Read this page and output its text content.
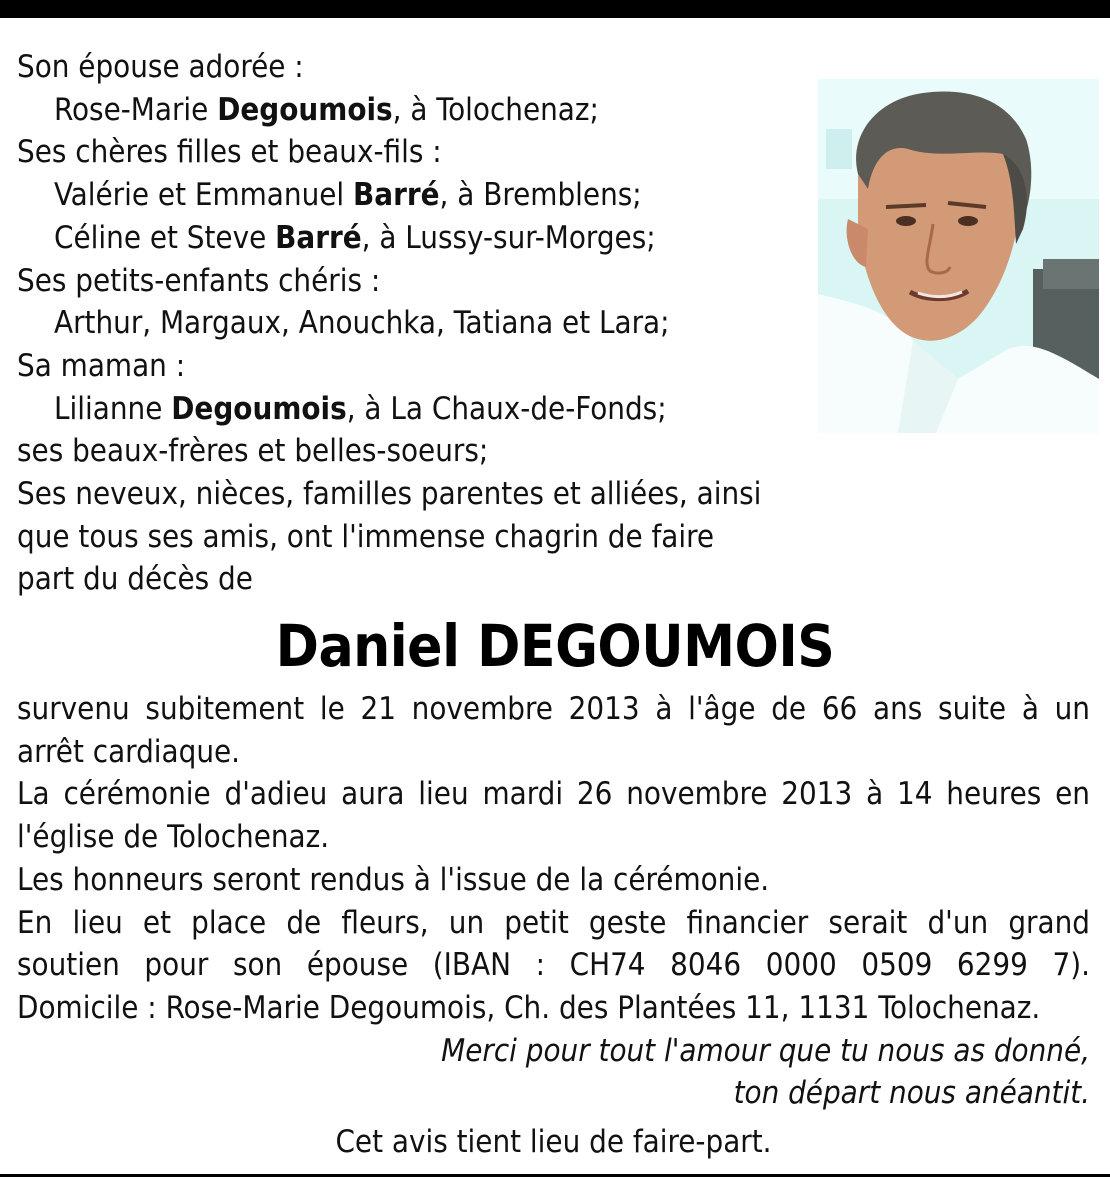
Son épouse adorée :
Rose-Marie Degoumois, à Tolochenaz;
Ses chères filles et beaux-fils :
Valérie et Emmanuel Barré, à Bremblens;
Céline et Steve Barré, à Lussy-sur-Morges;
Ses petits-enfants chéris :
Arthur, Margaux, Anouchka, Tatiana et Lara;
Sa maman :
Lilianne Degoumois, à La Chaux-de-Fonds;
ses beaux-frères et belles-soeurs;
Ses neveux, nièces, familles parentes et alliées, ainsi
que tous ses amis, ont l'immense chagrin de faire
part du décès de
Daniel DEGOUMOIS
survenu subitement le 21 novembre 2013 à l'âge de 66 ans suite à un
arrêt cardiaque.
La cérémonie d'adieu aura lieu mardi 26 novembre 2013 à 14 heures en
l'église de Tolochenaz.
Les honneurs seront rendus à l'issue de la cérémonie.
En lieu et place de fleurs, un petit geste financier serait d'un grand
soutien pour son épouse (IBAN : CH74 8046 0000 0509 6299 7).
Domicile : Rose-Marie Degoumois, Ch. des Plantées 11, 1131 Tolochenaz.
Merci pour tout l'amour que tu nous as donné,
ton départ nous anéantit.
Cet avis tient lieu de faire-part.
